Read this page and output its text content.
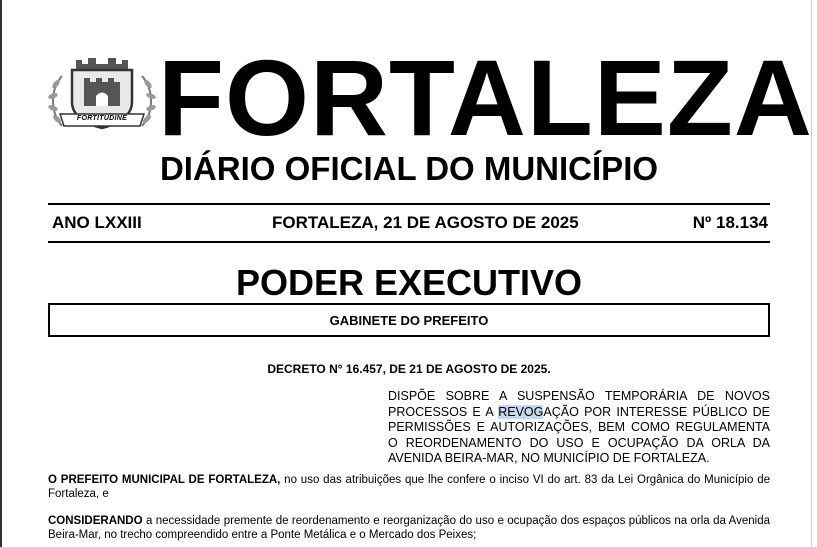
FORTITUDINE FORTALEZA
DIÁRIO OFICIAL DO MUNICÍPIO
ANO LXXIII	FORTALEZA, 21 DE AGOSTO DE 2025	Nº 18.134
PODER EXECUTIVO
GABINETE DO PREFEITO
DECRETO N° 16.457, DE 21 DE AGOSTO DE 2025.
DISPÕE SOBRE A SUSPENSÃO TEMPORÁRIA DE NOVOS PROCESSOS E A REVOGAÇÃO POR INTERESSE PÚBLICO DE PERMISSÕES E AUTORIZAÇÕES, BEM COMO REGULAMENTA O REORDENAMENTO DO USO E OCUPAÇÃO DA ORLA DA AVENIDA BEIRA-MAR, NO MUNICÍPIO DE FORTALEZA.
O PREFEITO MUNICIPAL DE FORTALEZA, no uso das atribuições que lhe confere o inciso VI do art. 83 da Lei Orgânica do Município de Fortaleza, e
CONSIDERANDO a necessidade premente de reordenamento e reorganização do uso e ocupação dos espaços públicos na orla da Avenida Beira-Mar, no trecho compreendido entre a Ponte Metálica e o Mercado dos Peixes;
